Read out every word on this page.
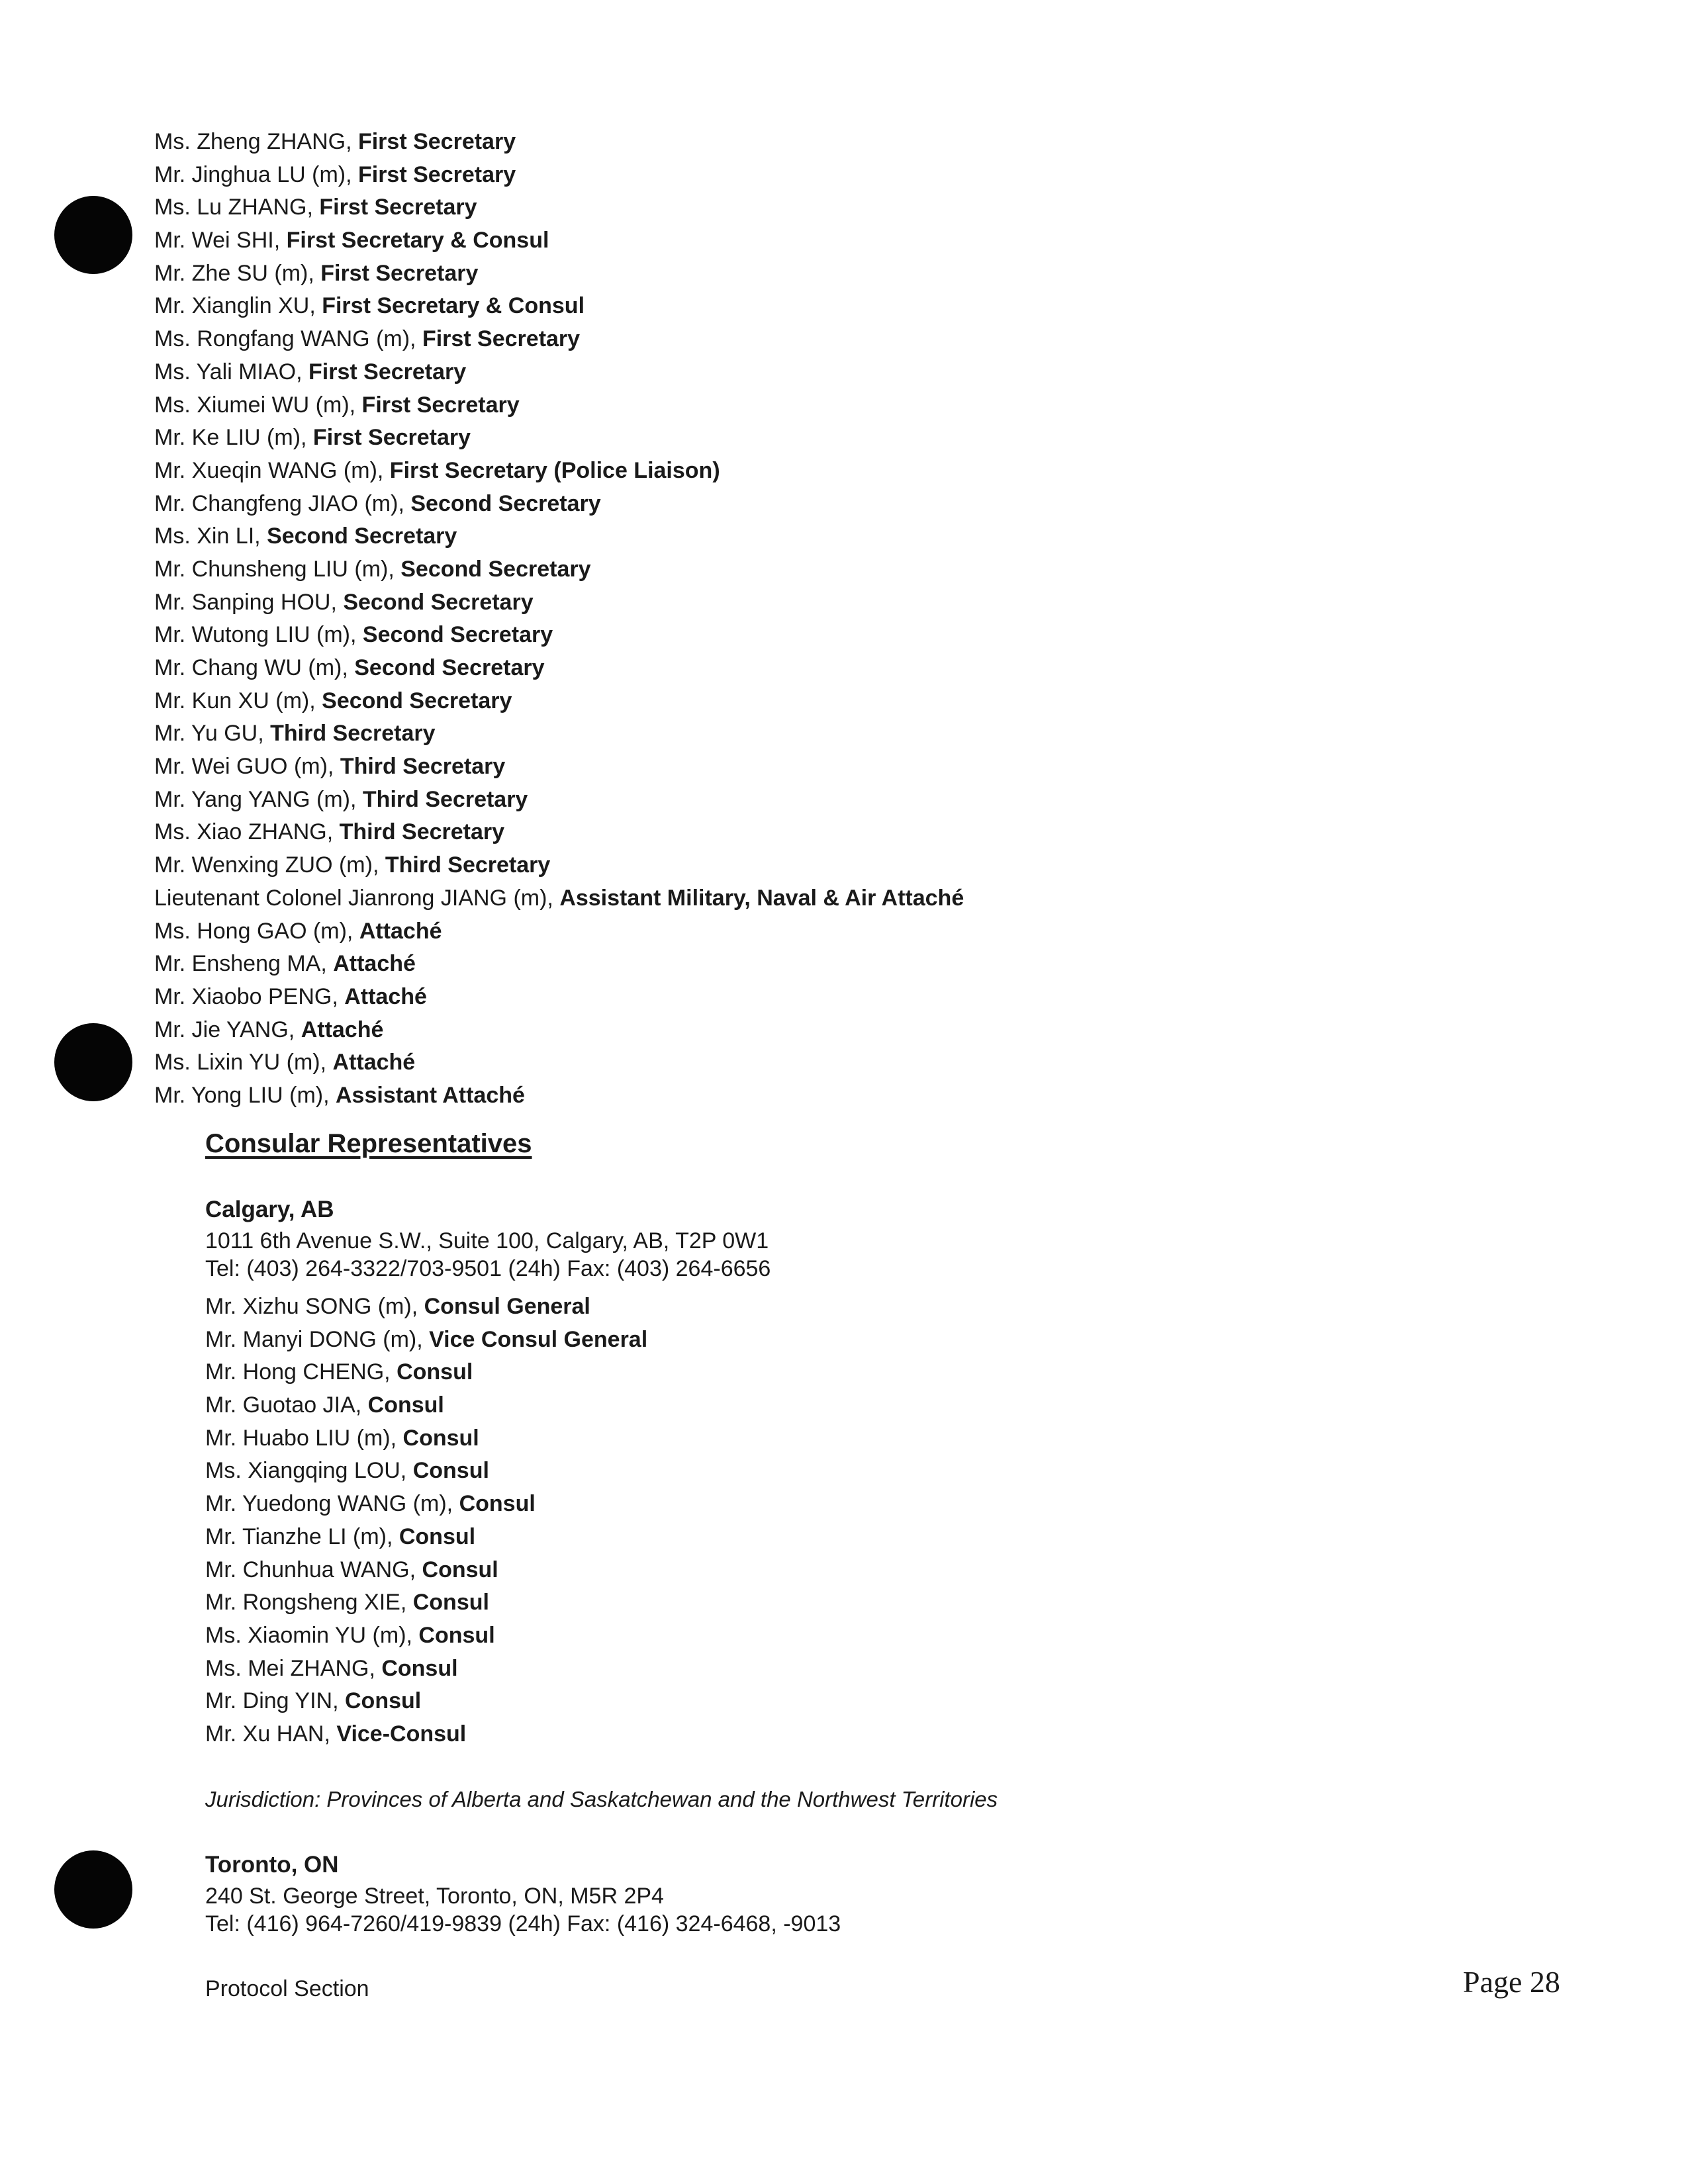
Ms. Zheng ZHANG, First Secretary
Mr. Jinghua LU (m), First Secretary
Ms. Lu ZHANG, First Secretary
Mr. Wei SHI, First Secretary & Consul
Mr. Zhe SU (m), First Secretary
Mr. Xianglin XU, First Secretary & Consul
Ms. Rongfang WANG (m), First Secretary
Ms. Yali MIAO, First Secretary
Ms. Xiumei WU (m), First Secretary
Mr. Ke LIU (m), First Secretary
Mr. Xueqin WANG (m), First Secretary (Police Liaison)
Mr. Changfeng JIAO (m), Second Secretary
Ms. Xin LI, Second Secretary
Mr. Chunsheng LIU (m), Second Secretary
Mr. Sanping HOU, Second Secretary
Mr. Wutong LIU (m), Second Secretary
Mr. Chang WU (m), Second Secretary
Mr. Kun XU (m), Second Secretary
Mr. Yu GU, Third Secretary
Mr. Wei GUO (m), Third Secretary
Mr. Yang YANG (m), Third Secretary
Ms. Xiao ZHANG, Third Secretary
Mr. Wenxing ZUO (m), Third Secretary
Lieutenant Colonel Jianrong JIANG (m), Assistant Military, Naval & Air Attaché
Ms. Hong GAO (m), Attaché
Mr. Ensheng MA, Attaché
Mr. Xiaobo PENG, Attaché
Mr. Jie YANG, Attaché
Ms. Lixin YU (m), Attaché
Mr. Yong LIU (m), Assistant Attaché
Consular Representatives
Calgary, AB
1011 6th Avenue S.W., Suite 100, Calgary, AB, T2P 0W1
Tel: (403) 264-3322/703-9501 (24h) Fax: (403) 264-6656
Mr. Xizhu SONG (m), Consul General
Mr. Manyi DONG (m), Vice Consul General
Mr. Hong CHENG, Consul
Mr. Guotao JIA, Consul
Mr. Huabo LIU (m), Consul
Ms. Xiangqing LOU, Consul
Mr. Yuedong WANG (m), Consul
Mr. Tianzhe LI (m), Consul
Mr. Chunhua WANG, Consul
Mr. Rongsheng XIE, Consul
Ms. Xiaomin YU (m), Consul
Ms. Mei ZHANG, Consul
Mr. Ding YIN, Consul
Mr. Xu HAN, Vice-Consul
Jurisdiction: Provinces of Alberta and Saskatchewan and the Northwest Territories
Toronto, ON
240 St. George Street, Toronto, ON, M5R 2P4
Tel: (416) 964-7260/419-9839 (24h) Fax: (416) 324-6468, -9013
Protocol Section	Page 28
